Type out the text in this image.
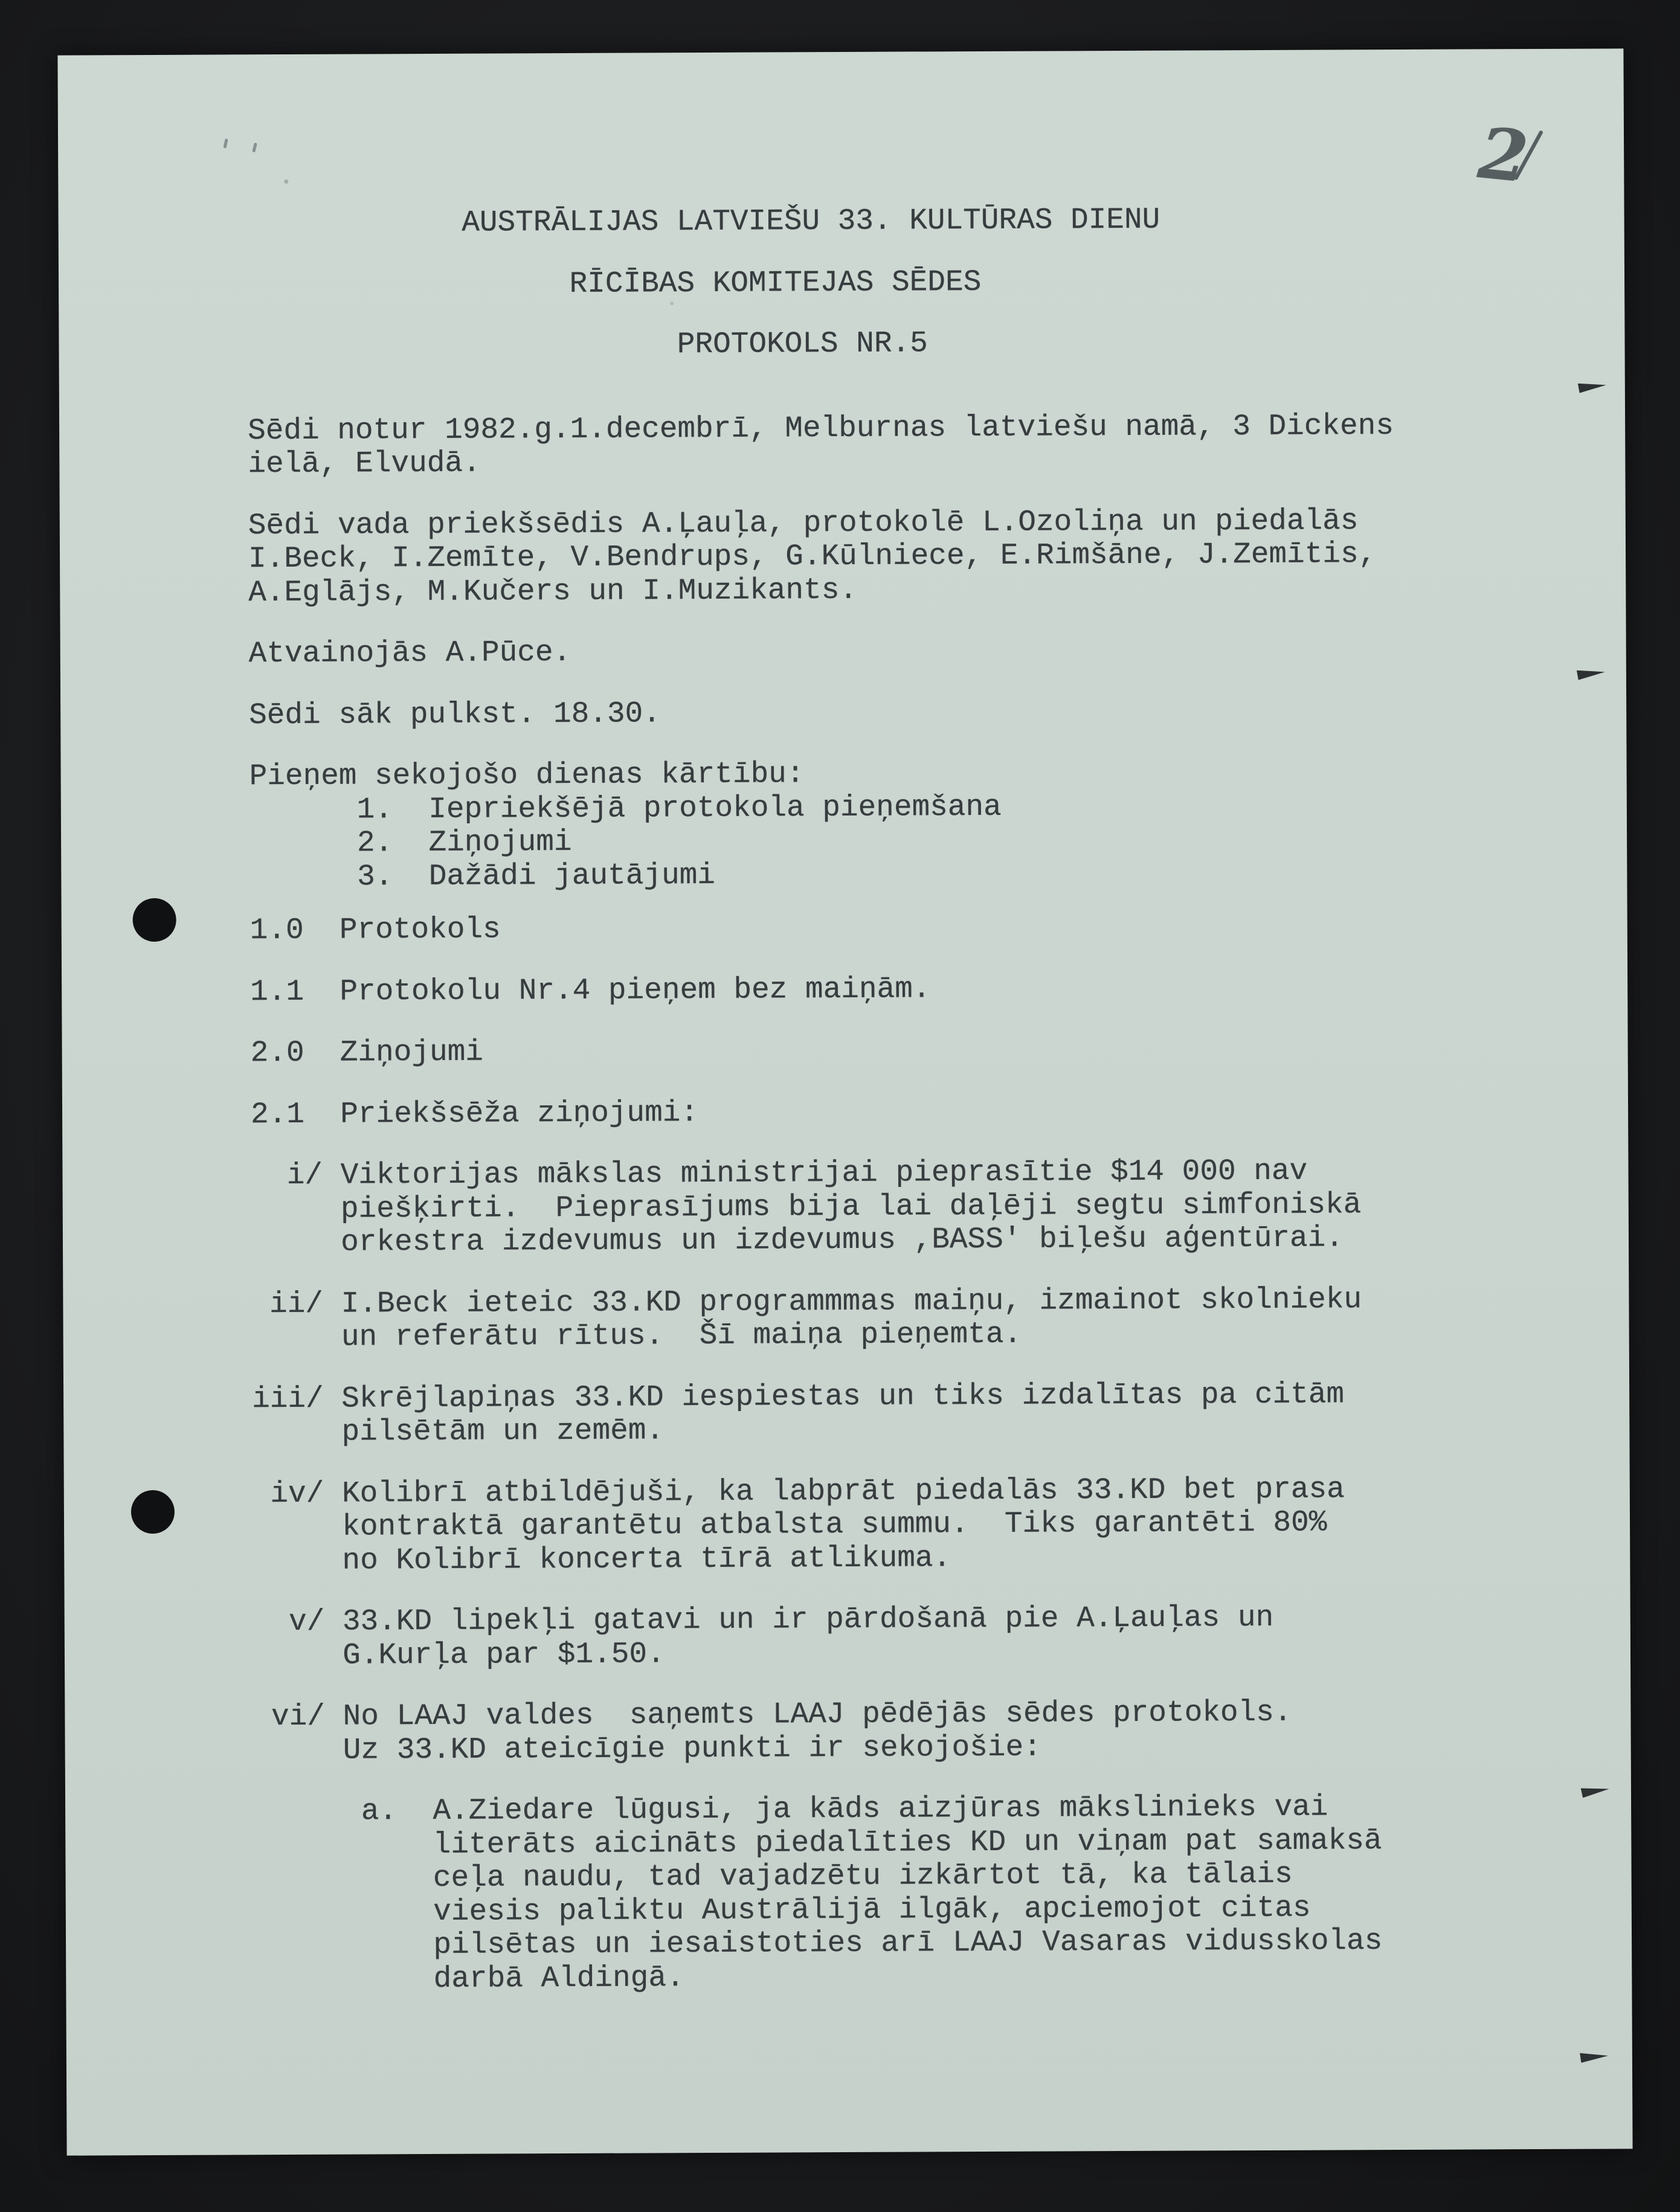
2
AUSTRĀLIJAS LATVIEŠU 33. KULTŪRAS DIENU
RĪCĪBAS KOMITEJAS SĒDES
PROTOKOLS NR.5
Sēdi notur 1982.g.1.decembrī, Melburnas latviešu namā, 3 Dickens
ielā, Elvudā.
Sēdi vada priekšsēdis A.Ļauļa, protokolē L.Ozoliņa un piedalās
I.Beck, I.Zemīte, V.Bendrups, G.Kūlniece, E.Rimšāne, J.Zemītis,
A.Eglājs, M.Kučers un I.Muzikants.
Atvainojās A.Pūce.
Sēdi sāk pulkst. 18.30.
Pieņem sekojošo dienas kārtību:
1.  Iepriekšējā protokola pieņemšana
2.  Ziņojumi
3.  Dažādi jautājumi
1.0  Protokols
1.1  Protokolu Nr.4 pieņem bez maiņām.
2.0  Ziņojumi
2.1  Priekšsēža ziņojumi:
i/ Viktorijas mākslas ministrijai pieprasītie $14 000 nav
piešķirti.  Pieprasījums bija lai daļēji segtu simfoniskā
orkestra izdevumus un izdevumus ,BASS' biļešu aģentūrai.
ii/ I.Beck ieteic 33.KD programmmas maiņu, izmainot skolnieku
un referātu rītus.  Šī maiņa pieņemta.
iii/ Skrējlapiņas 33.KD iespiestas un tiks izdalītas pa citām
pilsētām un zemēm.
iv/ Kolibrī atbildējuši, ka labprāt piedalās 33.KD bet prasa
kontraktā garantētu atbalsta summu.  Tiks garantēti 80%
no Kolibrī koncerta tīrā atlikuma.
v/ 33.KD lipekļi gatavi un ir pārdošanā pie A.Ļauļas un
G.Kurļa par $1.50.
vi/ No LAAJ valdes  saņemts LAAJ pēdējās sēdes protokols.
Uz 33.KD ateicīgie punkti ir sekojošie:
a.  A.Ziedare lūgusi, ja kāds aizjūras mākslinieks vai
literāts aicināts piedalīties KD un viņam pat samaksā
ceļa naudu, tad vajadzētu izkārtot tā, ka tālais
viesis paliktu Austrālijā ilgāk, apciemojot citas
pilsētas un iesaistoties arī LAAJ Vasaras vidusskolas
darbā Aldingā.
